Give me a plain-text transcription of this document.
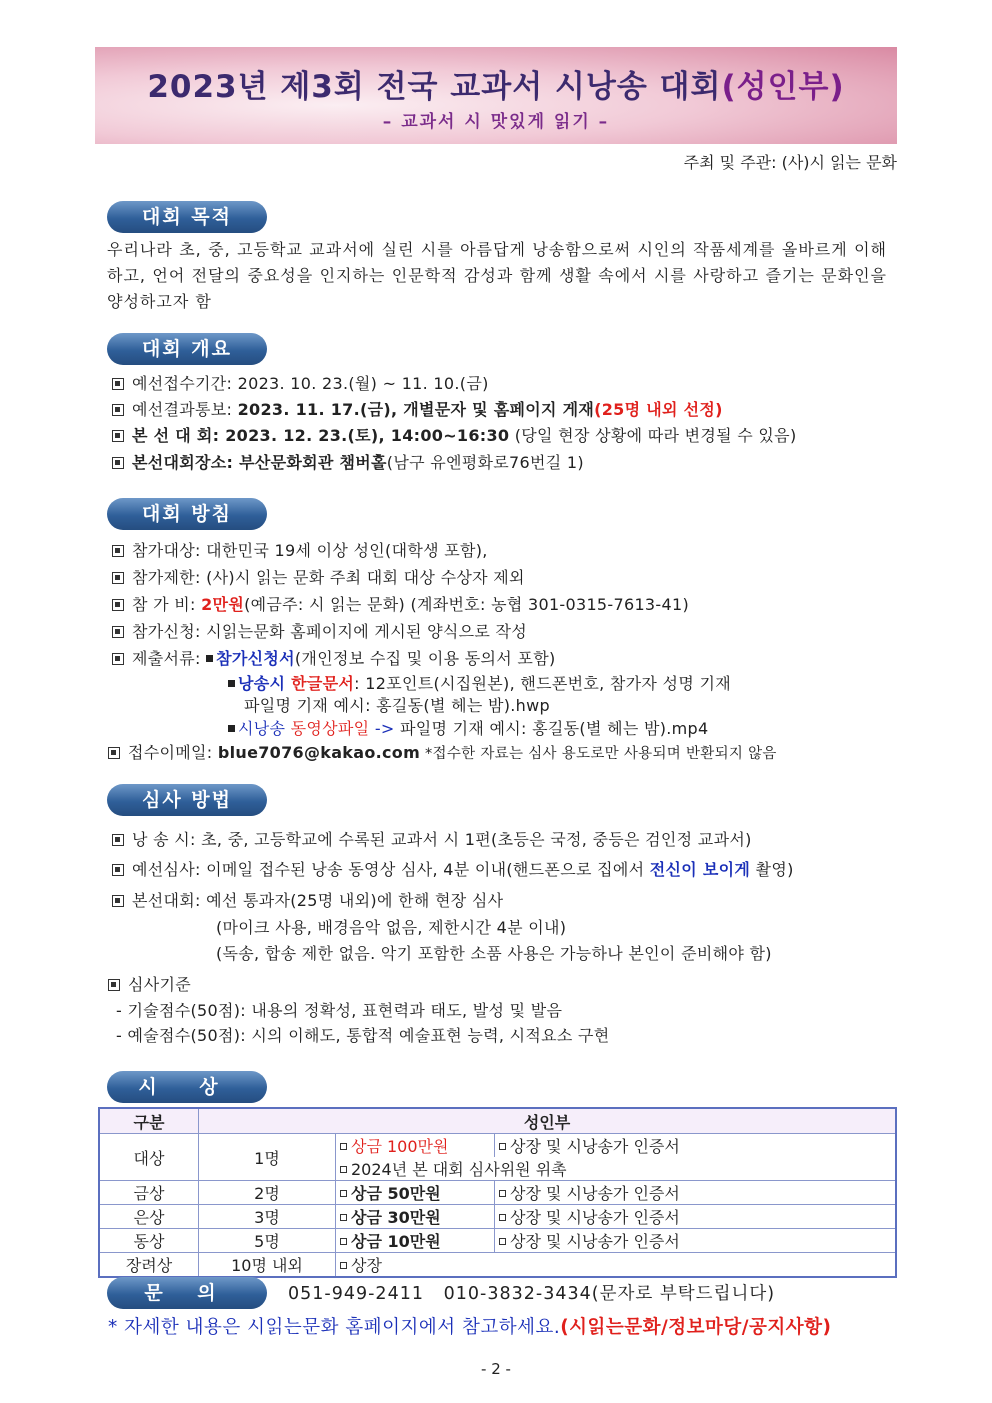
2023년 제3회 전국 교과서 시낭송 대회(성인부)
– 교과서 시 맛있게 읽기 –
주최 및 주관: (사)시 읽는 문화
대회 목적
우리나라 초, 중, 고등학교 교과서에 실린 시를 아름답게 낭송함으로써 시인의 작품세계를 올바르게 이해하고, 언어 전달의 중요성을 인지하는 인문학적 감성과 함께 생활 속에서 시를 사랑하고 즐기는 문화인을 양성하고자 함
대회 개요
예선접수기간: 2023. 10. 23.(월) ~ 11. 10.(금)
예선결과통보: 2023. 11. 17.(금), 개별문자 및 홈페이지 게재(25명 내외 선정)
본 선 대 회: 2023. 12. 23.(토), 14:00~16:30 (당일 현장 상황에 따라 변경될 수 있음)
본선대회장소: 부산문화회관 챔버홀(남구 유엔평화로76번길 1)
대회 방침
참가대상: 대한민국 19세 이상 성인(대학생 포함),
참가제한: (사)시 읽는 문화 주최 대회 대상 수상자 제외
참 가 비: 2만원(예금주: 시 읽는 문화) (계좌번호: 농협 301-0315-7613-41)
참가신청: 시읽는문화 홈페이지에 게시된 양식으로 작성
제출서류: 참가신청서(개인정보 수집 및 이용 동의서 포함)
낭송시 한글문서: 12포인트(시집원본), 핸드폰번호, 참가자 성명 기재
파일명 기재 예시: 홍길동(별 헤는 밤).hwp
시낭송 동영상파일 -> 파일명 기재 예시: 홍길동(별 헤는 밤).mp4
접수이메일: blue7076@kakao.com *접수한 자료는 심사 용도로만 사용되며 반환되지 않음
심사 방법
낭 송 시: 초, 중, 고등학교에 수록된 교과서 시 1편(초등은 국정, 중등은 검인정 교과서)
예선심사: 이메일 접수된 낭송 동영상 심사, 4분 이내(핸드폰으로 집에서 전신이 보이게 촬영)
본선대회: 예선 통과자(25명 내외)에 한해 현장 심사
(마이크 사용, 배경음악 없음, 제한시간 4분 이내)
(독송, 합송 제한 없음. 악기 포함한 소품 사용은 가능하나 본인이 준비해야 함)
심사기준
- 기술점수(50점): 내용의 정확성, 표현력과 태도, 발성 및 발음
- 예술점수(50점): 시의 이해도, 통합적 예술표현 능력, 시적요소 구현
시 상
구분	성인부		
대상	1명	상금 100만원	상장 및 시낭송가 인증서
		2024년 본 대회 심사위원 위촉	
금상	2명	상금 50만원	상장 및 시낭송가 인증서
은상	3명	상금 30만원	상장 및 시낭송가 인증서
동상	5명	상금 10만원	상장 및 시낭송가 인증서
장려상	10명 내외	상장	
문 의	051-949-2411   010-3832-3434(문자로 부탁드립니다)
* 자세한 내용은 시읽는문화 홈페이지에서 참고하세요.(시읽는문화/정보마당/공지사항)
- 2 -
